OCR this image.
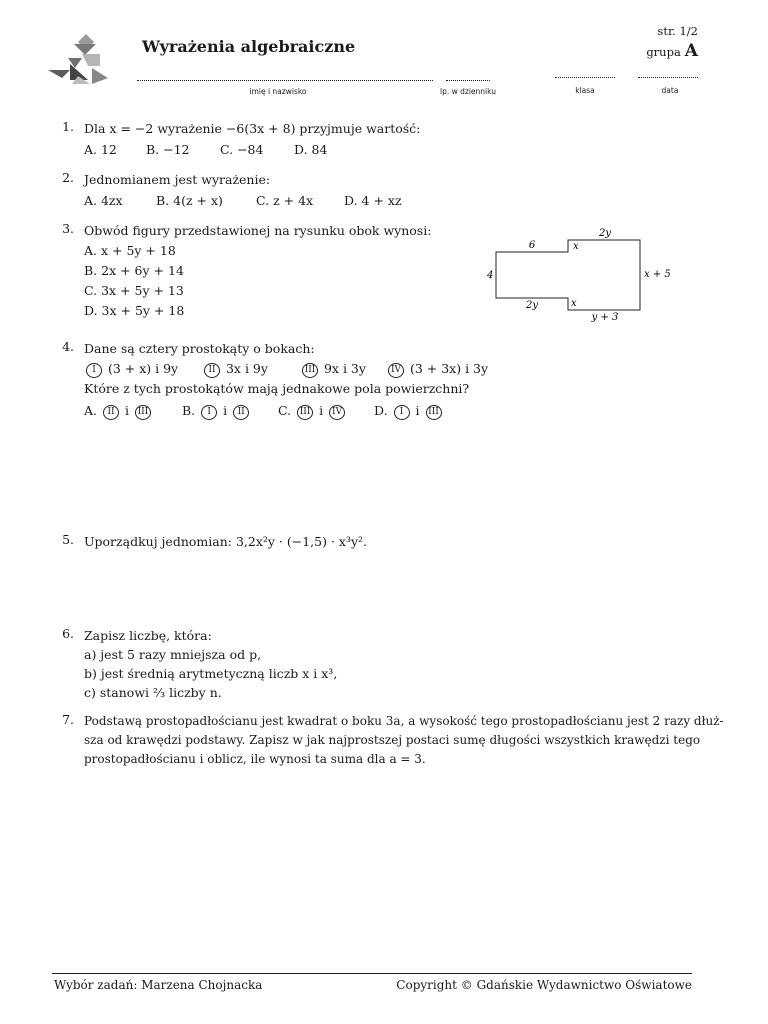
Wyrażenia algebraiczne
str. 1/2
grupa A
imię i nazwisko	lp. w dzienniku	klasa	data
1. Dla x = −2 wyrażenie −6(3x + 8) przyjmuje wartość:
A. 12	B. −12	C. −84	D. 84
2. Jednomianem jest wyrażenie:
A. 4zx	B. 4(z + x)	C. z + 4x	D. 4 + xz
3. Obwód figury przedstawionej na rysunku obok wynosi:
A. x + 5y + 18
B. 2x + 6y + 14
C. 3x + 5y + 13
D. 3x + 5y + 18
6	x
2y
4	x + 5
2y	x
y + 3
4. Dane są cztery prostokąty o bokach:
I (3 + x) i 9y	II 3x i 9y	III 9x i 3y	IV (3 + 3x) i 3y
Które z tych prostokątów mają jednakowe pola powierzchni?
A. II i III	B. I i II	C. III i IV	D. I i III
5. Uporządkuj jednomian: 3,2x²y · (−1,5) · x³y².
6. Zapisz liczbę, która:
a) jest 5 razy mniejsza od p,
b) jest średnią arytmetyczną liczb x i x³,
c) stanowi ⅔ liczby n.
7. Podstawą prostopadłościanu jest kwadrat o boku 3a, a wysokość tego prostopadłościanu jest 2 razy dłuż-
sza od krawędzi podstawy. Zapisz w jak najprostszej postaci sumę długości wszystkich krawędzi tego
prostopadłościanu i oblicz, ile wynosi ta suma dla a = 3.
Wybór zadań: Marzena Chojnacka	Copyright © Gdańskie Wydawnictwo Oświatowe
